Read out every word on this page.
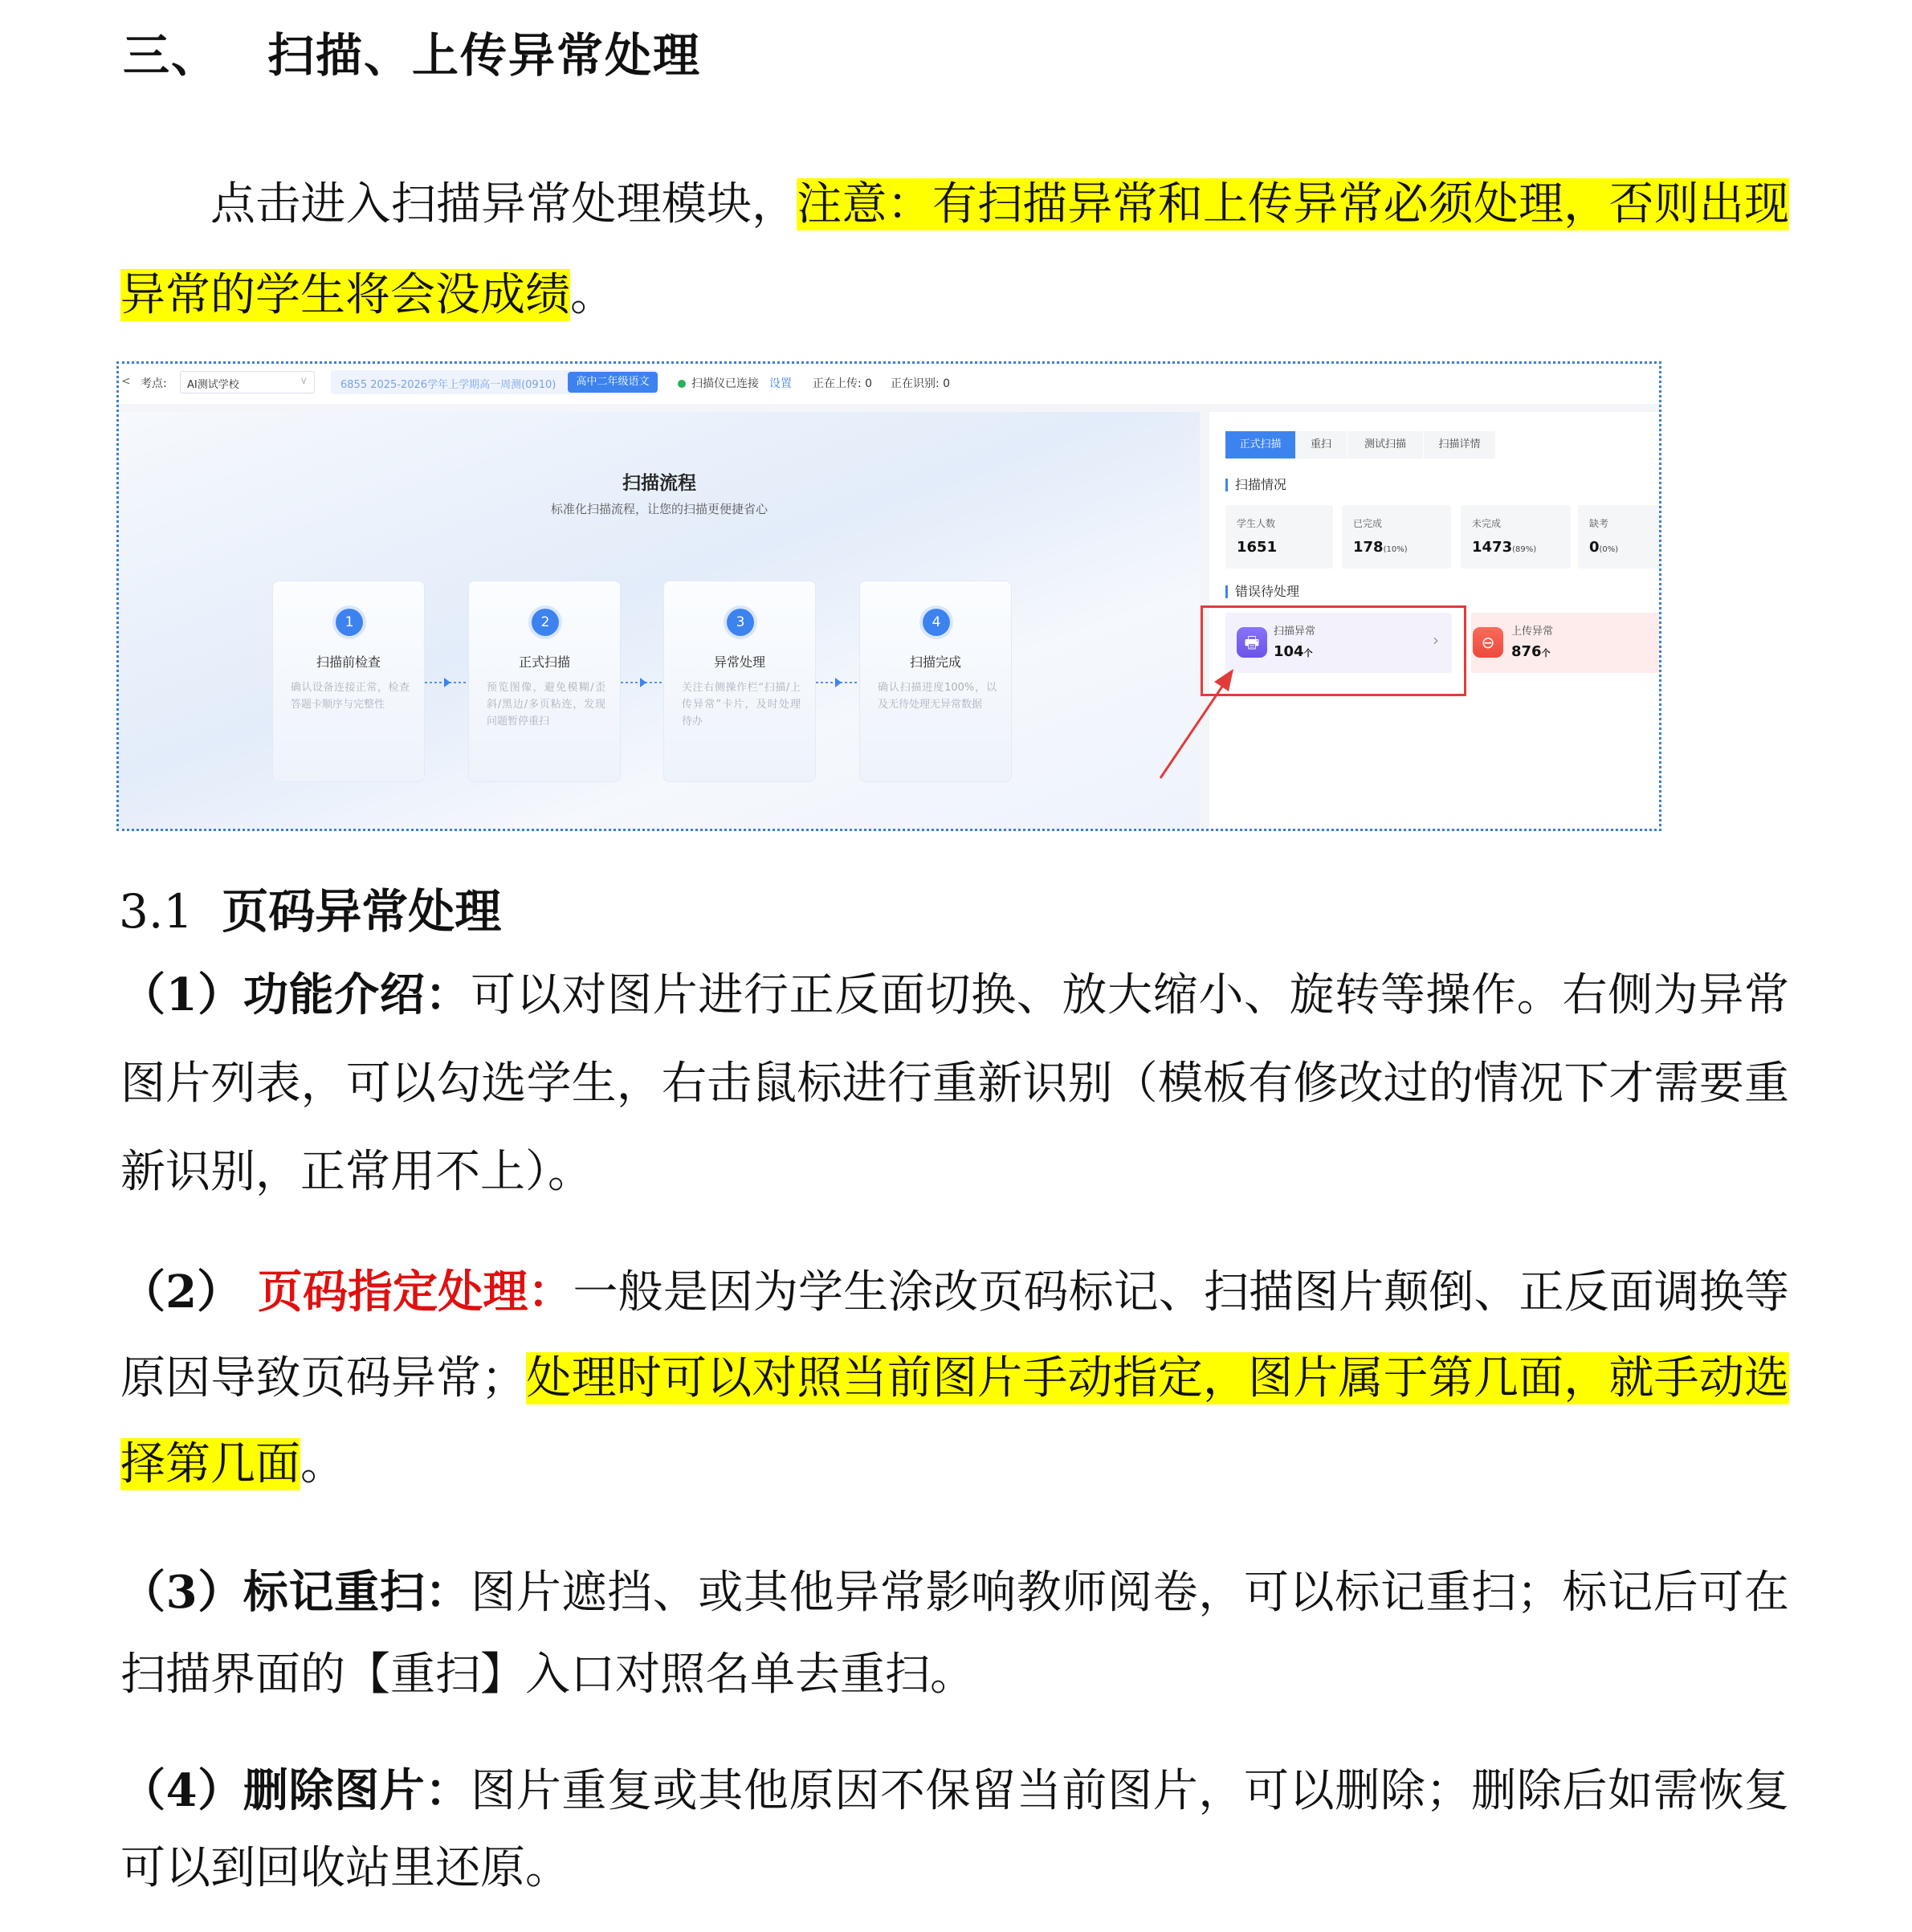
三、 扫描、上传异常处理

点击进入扫描异常处理模块，注意：有扫描异常和上传异常必须处理，否则出现异常的学生将会没成绩。

< 考点:	AI测试学校	∨	6855 2025-2026学年上学期高一周测(0910)	高中二年级语文	扫描仪已连接 设置 正在上传: 0 正在识别: 0
扫描流程
标准化扫描流程，让您的扫描更便捷省心
1
扫描前检查
确认设备连接正常，检查答题卡顺序与完整性
2
正式扫描
预览图像，避免模糊/歪斜/黑边/多页粘连，发现问题暂停重扫
3
异常处理
关注右侧操作栏“扫描/上传异常”卡片，及时处理待办
4
扫描完成
确认扫描进度100%，以及无待处理无异常数据
正式扫描	重扫	测试扫描	扫描详情
扫描情况
学生人数
1651
已完成
178(10%)
未完成
1473(89%)
缺考
0(0%)
错误待处理
🖶
扫描异常
104个
›	⊖
上传异常
876个
3.1 页码异常处理

（1）功能介绍：可以对图片进行正反面切换、放大缩小、旋转等操作。右侧为异常图片列表，可以勾选学生，右击鼠标进行重新识别（模板有修改过的情况下才需要重新识别，正常用不上）。

（2） 页码指定处理：一般是因为学生涂改页码标记、扫描图片颠倒、正反面调换等原因导致页码异常；处理时可以对照当前图片手动指定，图片属于第几面，就手动选择第几面。

（3）标记重扫：图片遮挡、或其他异常影响教师阅卷，可以标记重扫；标记后可在扫描界面的【重扫】入口对照名单去重扫。

（4）删除图片：图片重复或其他原因不保留当前图片，可以删除；删除后如需恢复可以到回收站里还原。
